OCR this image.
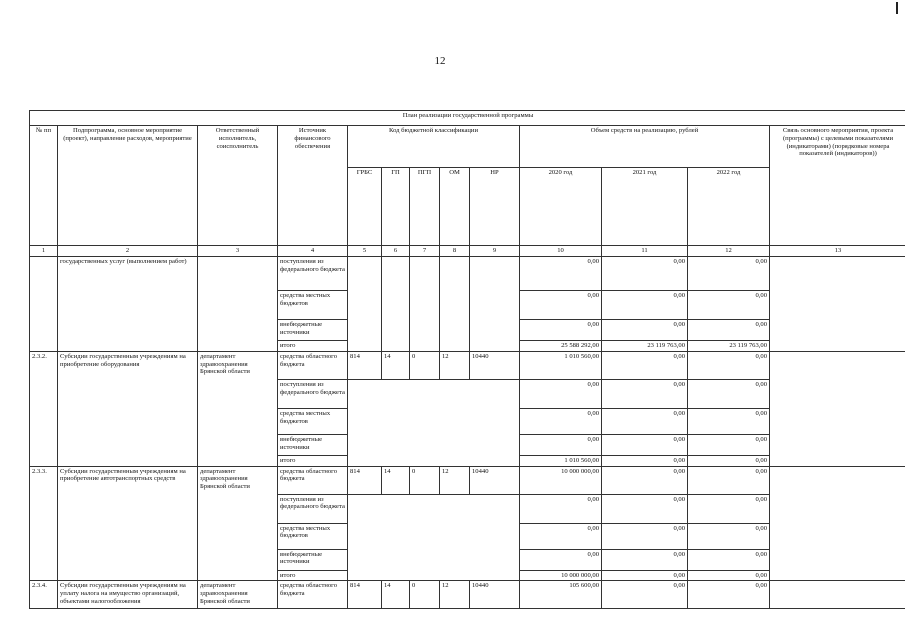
12
План реализации государственной программы												
№ пп	Подпрограмма, основное мероприятие (проект), направление расходов, мероприятие	Ответственный исполнитель, соисполнитель	Источник финансового обеспечения	Код бюджетной классификации					Объем средств на реализацию, рублей			Связь основного мероприятия, проекта (программы) с целевыми показателями (индикаторами) (порядковые номера показателей (индикаторов))
				ГРБС	ГП	ПГП	ОМ	НР	2020 год	2021 год	2022 год	
1	2	3	4	5	6	7	8	9	10	11	12	13
	государственных услуг (выполнением работ)		поступления из федерального бюджета						0,00	0,00	0,00	
			средства местных бюджетов						0,00	0,00	0,00	
			внебюджетные источники						0,00	0,00	0,00	
			итого						25 588 292,00	23 119 763,00	23 119 763,00	
2.3.2.	Субсидии государственным учреждениям на приобретение оборудования	департамент здравоохранения Брянской области	средства областного бюджета	814	14	0	12	10440	1 010 560,00	0,00	0,00	
			поступления из федерального бюджета						0,00	0,00	0,00	
			средства местных бюджетов						0,00	0,00	0,00	
			внебюджетные источники						0,00	0,00	0,00	
			итого						1 010 560,00	0,00	0,00	
2.3.3.	Субсидии государственным учреждениям на приобретение автотранспортных средств	департамент здравоохранения Брянской области	средства областного бюджета	814	14	0	12	10440	10 000 000,00	0,00	0,00	
			поступления из федерального бюджета						0,00	0,00	0,00	
			средства местных бюджетов						0,00	0,00	0,00	
			внебюджетные источники						0,00	0,00	0,00	
			итого						10 000 000,00	0,00	0,00	
2.3.4.	Субсидии государственным учреждениям на уплату налога на имущество организаций, объектами налогообложения	департамент здравоохранения Брянской области	средства областного бюджета	814	14	0	12	10440	105 600,00	0,00	0,00	
